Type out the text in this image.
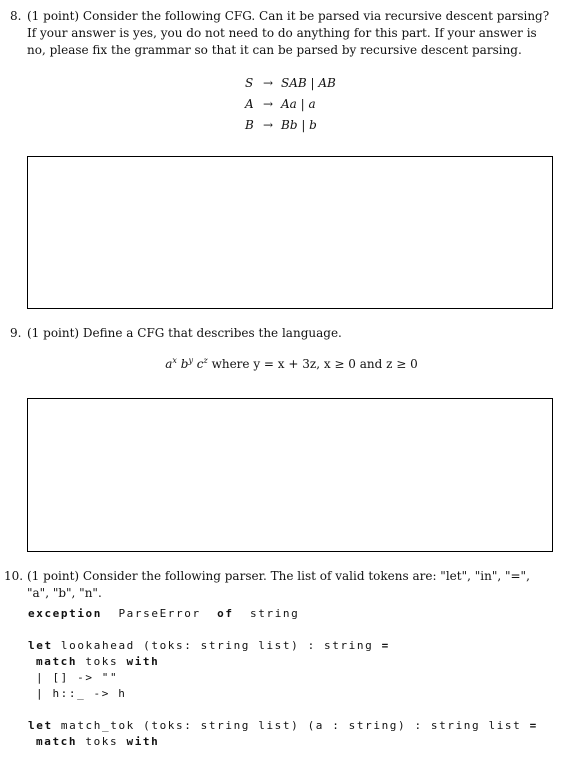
8. (1 point) Consider the following CFG. Can it be parsed via recursive descent parsing? If your answer is yes, you do not need to do anything for this part. If your answer is no, please fix the grammar so that it can be parsed by recursive descent parsing.
S → SAB | AB
A → Aa | a
B → Bb | b
9. (1 point) Define a CFG that describes the language.
$a^x$ $b^y$ $c^z$ where y = x + 3z, x ≥ 0 and z ≥ 0
10. (1 point) Consider the following parser. The list of valid tokens are: "let", "in", "=", "a", "b", "n".
exception  ParseError  of  string
let lookahead (toks: string list) : string =
match toks with
| [] -> ""
| h::_ -> h
let match_tok (toks: string list) (a : string) : string list =
match toks with
